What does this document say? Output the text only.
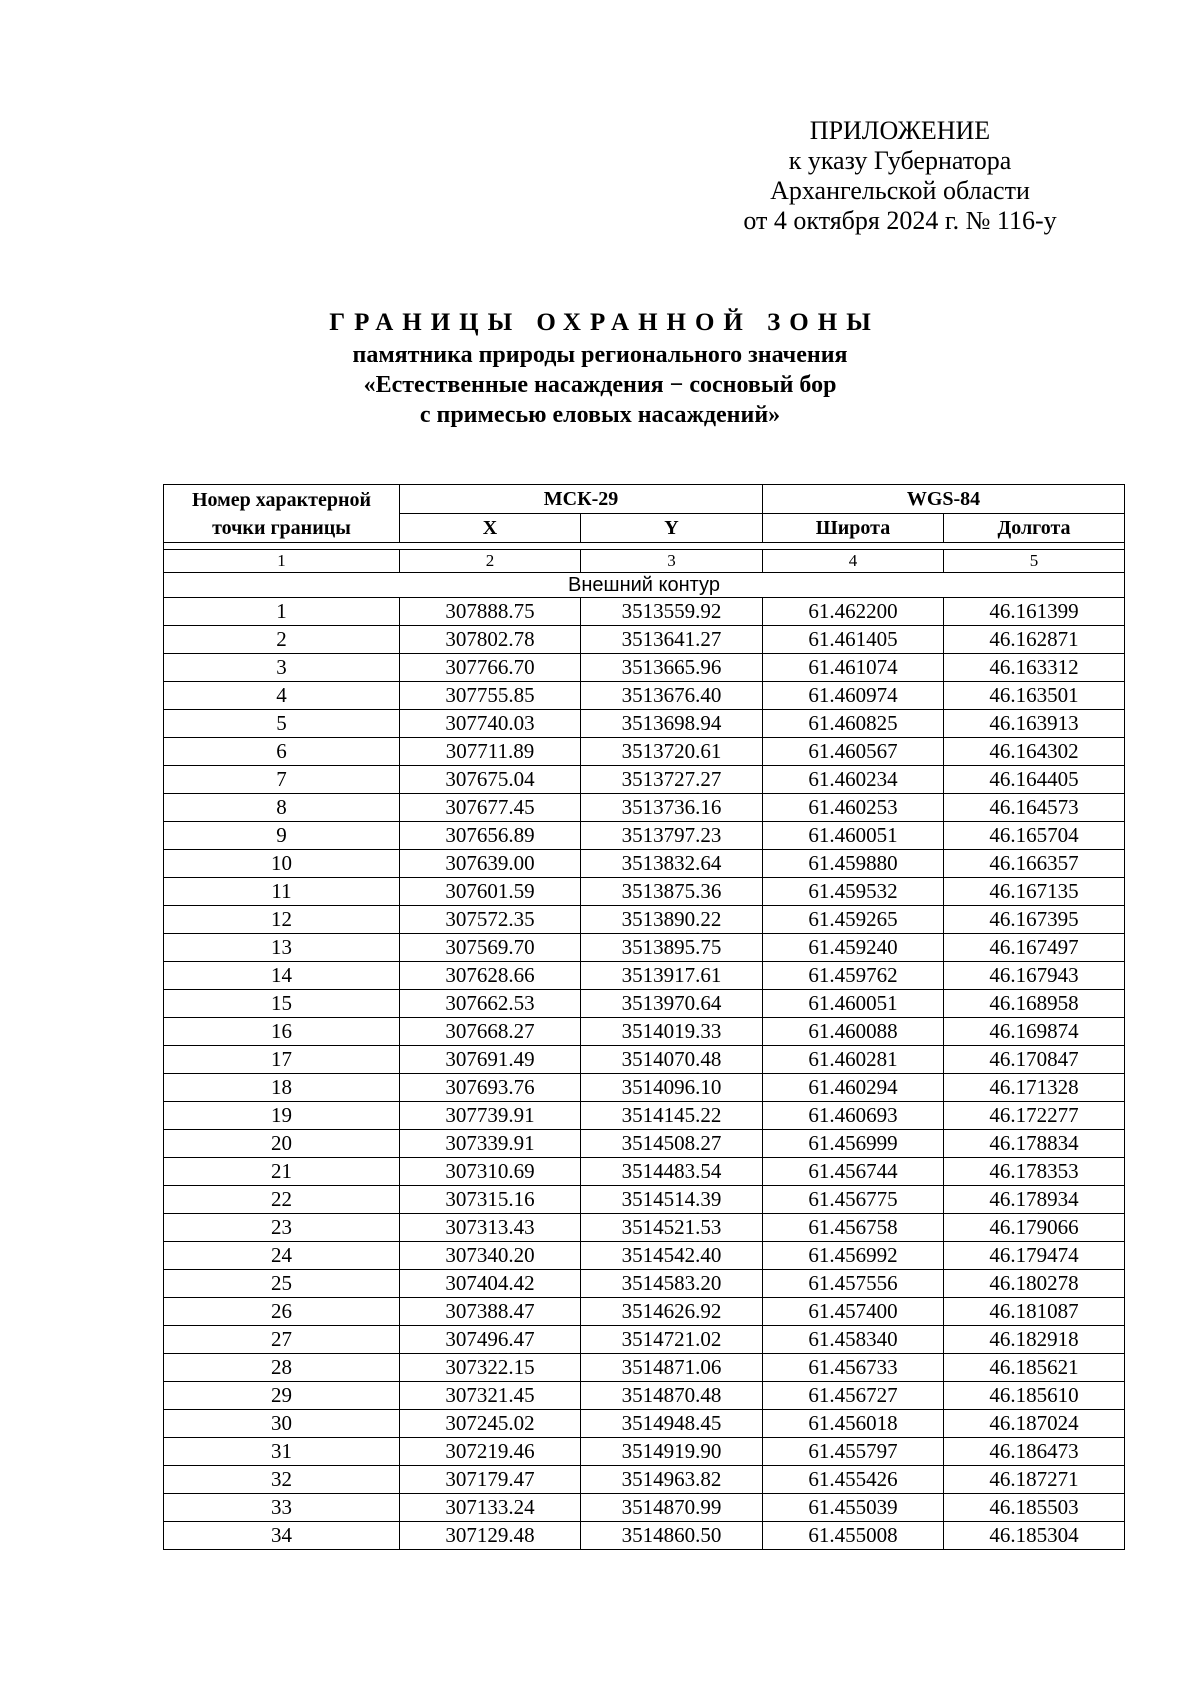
ПРИЛОЖЕНИЕ
к указу Губернатора
Архангельской области
от 4 октября 2024 г. № 116-у
ГРАНИЦЫ ОХРАННОЙ ЗОНЫ
памятника природы регионального значения
«Естественные насаждения − сосновый бор
с примесью еловых насаждений»
Номер характерной точки границы	МСК-29		WGS-84	
	X	Y	Широта	Долгота

1	2	3	4	5
Внешний контур				
1	307888.75	3513559.92	61.462200	46.161399
2	307802.78	3513641.27	61.461405	46.162871
3	307766.70	3513665.96	61.461074	46.163312
4	307755.85	3513676.40	61.460974	46.163501
5	307740.03	3513698.94	61.460825	46.163913
6	307711.89	3513720.61	61.460567	46.164302
7	307675.04	3513727.27	61.460234	46.164405
8	307677.45	3513736.16	61.460253	46.164573
9	307656.89	3513797.23	61.460051	46.165704
10	307639.00	3513832.64	61.459880	46.166357
11	307601.59	3513875.36	61.459532	46.167135
12	307572.35	3513890.22	61.459265	46.167395
13	307569.70	3513895.75	61.459240	46.167497
14	307628.66	3513917.61	61.459762	46.167943
15	307662.53	3513970.64	61.460051	46.168958
16	307668.27	3514019.33	61.460088	46.169874
17	307691.49	3514070.48	61.460281	46.170847
18	307693.76	3514096.10	61.460294	46.171328
19	307739.91	3514145.22	61.460693	46.172277
20	307339.91	3514508.27	61.456999	46.178834
21	307310.69	3514483.54	61.456744	46.178353
22	307315.16	3514514.39	61.456775	46.178934
23	307313.43	3514521.53	61.456758	46.179066
24	307340.20	3514542.40	61.456992	46.179474
25	307404.42	3514583.20	61.457556	46.180278
26	307388.47	3514626.92	61.457400	46.181087
27	307496.47	3514721.02	61.458340	46.182918
28	307322.15	3514871.06	61.456733	46.185621
29	307321.45	3514870.48	61.456727	46.185610
30	307245.02	3514948.45	61.456018	46.187024
31	307219.46	3514919.90	61.455797	46.186473
32	307179.47	3514963.82	61.455426	46.187271
33	307133.24	3514870.99	61.455039	46.185503
34	307129.48	3514860.50	61.455008	46.185304
